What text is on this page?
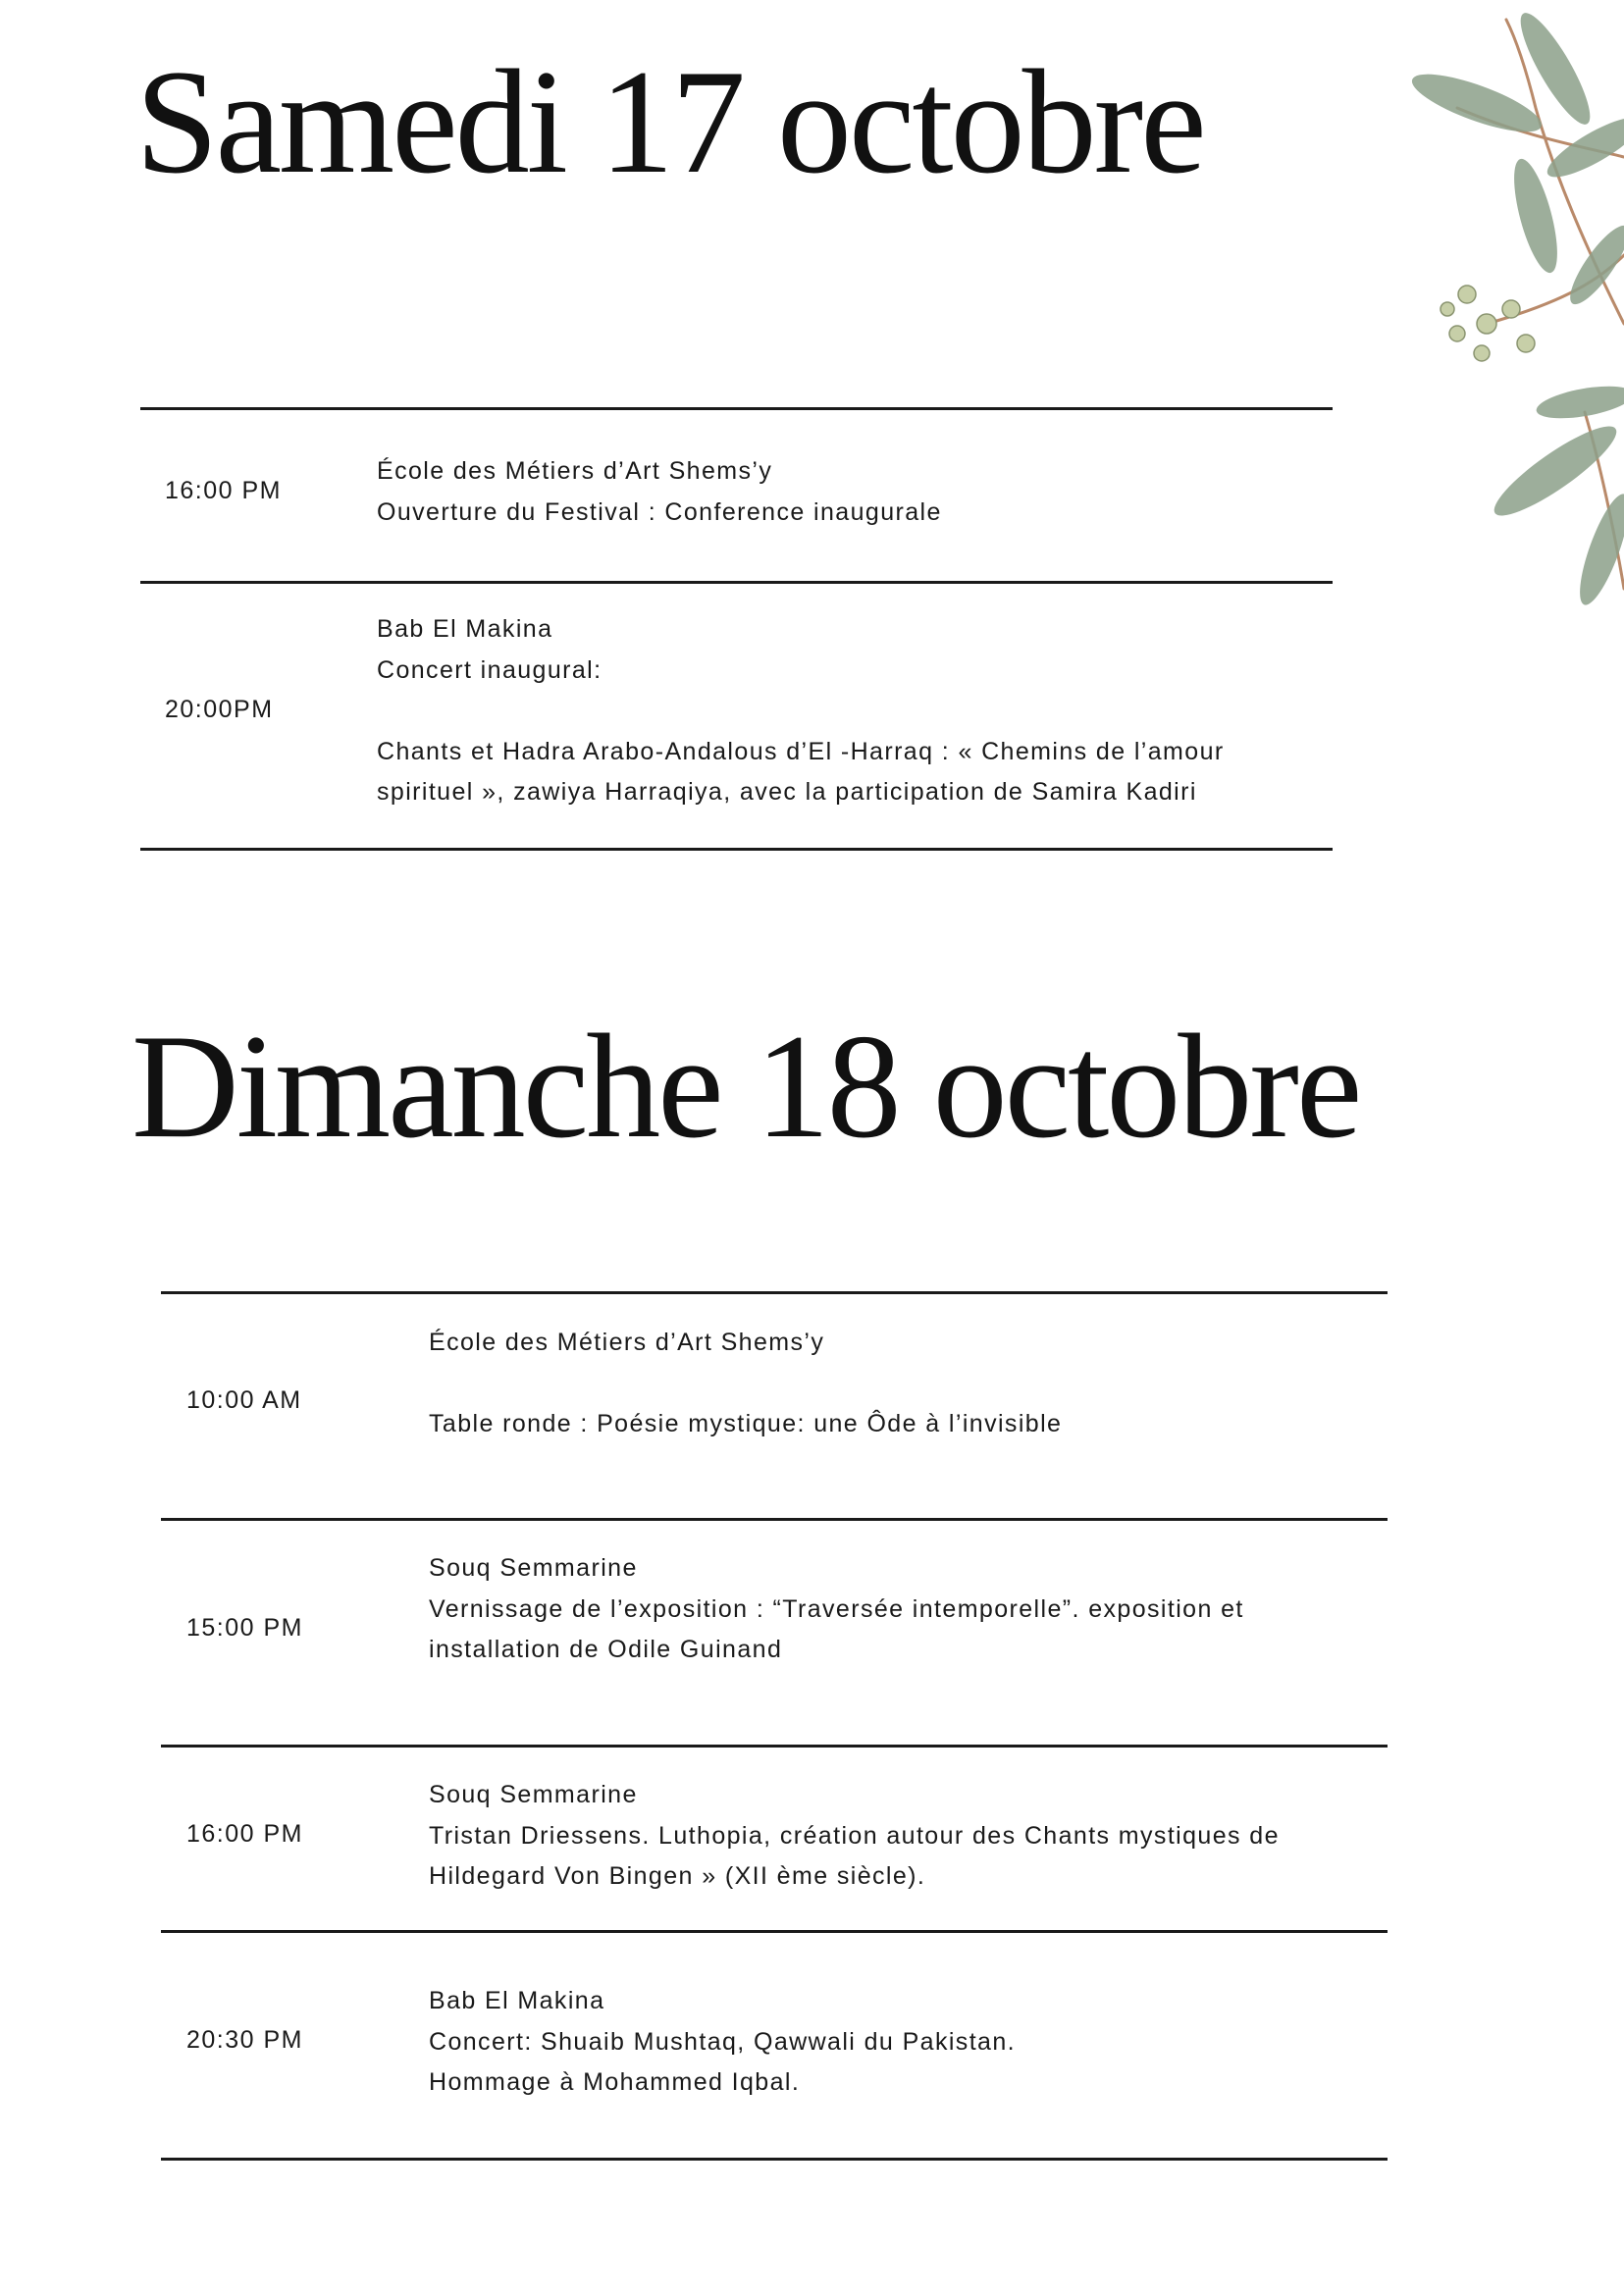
Samedi 17 octobre
16:00 PM
École des Métiers d’Art Shems’y
Ouverture du Festival : Conference inaugurale
20:00PM
Bab El Makina
Concert inaugural:
Chants et Hadra Arabo-Andalous d’El -Harraq : « Chemins de l’amour
spirituel », zawiya Harraqiya, avec la participation de Samira Kadiri
Dimanche 18 octobre
10:00 AM
École des Métiers d’Art Shems’y
Table ronde : Poésie mystique: une Ôde à l’invisible
15:00 PM
Souq Semmarine
Vernissage de l’exposition : “Traversée intemporelle”. exposition et
installation de Odile Guinand
16:00 PM
Souq Semmarine
Tristan Driessens. Luthopia, création autour des Chants mystiques de
Hildegard Von Bingen » (XII ème siècle).
20:30 PM
Bab El Makina
Concert: Shuaib Mushtaq, Qawwali du Pakistan.
Hommage à Mohammed Iqbal.
